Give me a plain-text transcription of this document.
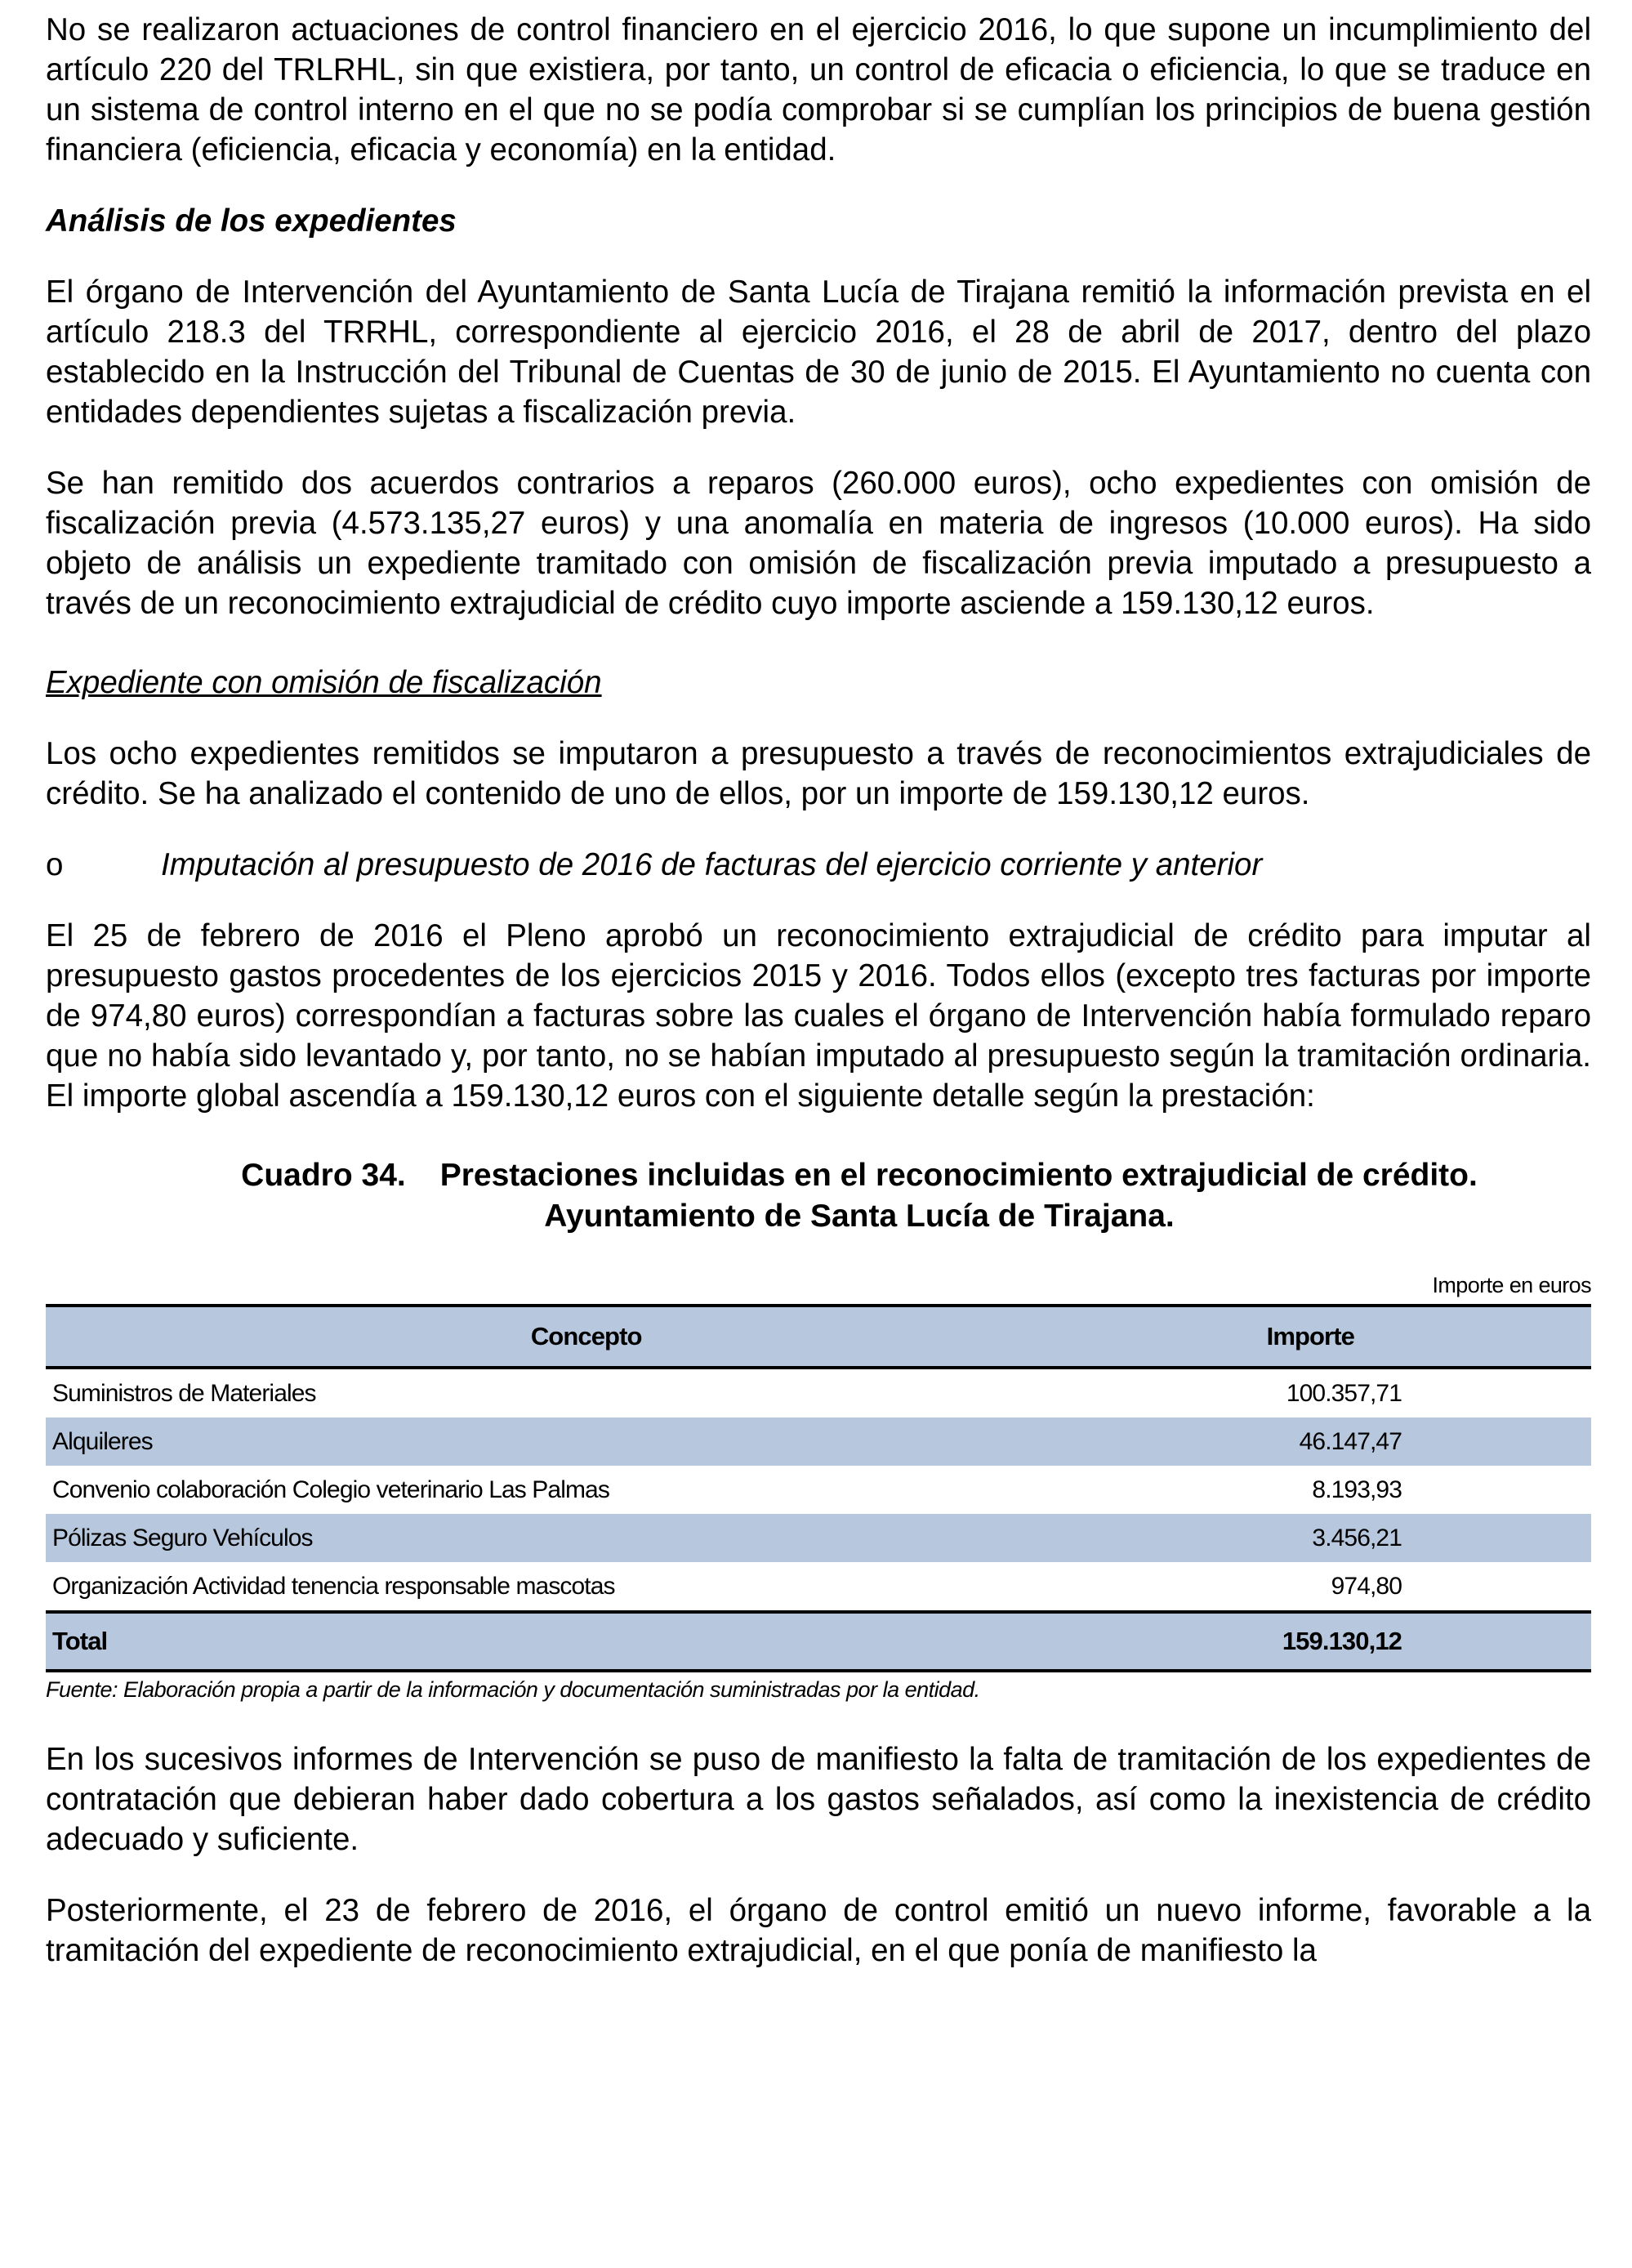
No se realizaron actuaciones de control financiero en el ejercicio 2016, lo que supone un incumplimiento del artículo 220 del TRLRHL, sin que existiera, por tanto, un control de eficacia o eficiencia, lo que se traduce en un sistema de control interno en el que no se podía comprobar si se cumplían los principios de buena gestión financiera (eficiencia, eficacia y economía) en la entidad.

Análisis de los expedientes

El órgano de Intervención del Ayuntamiento de Santa Lucía de Tirajana remitió la información prevista en el artículo 218.3 del TRRHL, correspondiente al ejercicio 2016, el 28 de abril de 2017, dentro del plazo establecido en la Instrucción del Tribunal de Cuentas de 30 de junio de 2015. El Ayuntamiento no cuenta con entidades dependientes sujetas a fiscalización previa.

Se han remitido dos acuerdos contrarios a reparos (260.000 euros), ocho expedientes con omisión de fiscalización previa (4.573.135,27 euros) y una anomalía en materia de ingresos (10.000 euros). Ha sido objeto de análisis un expediente tramitado con omisión de fiscalización previa imputado a presupuesto a través de un reconocimiento extrajudicial de crédito cuyo importe asciende a 159.130,12 euros.

Expediente con omisión de fiscalización

Los ocho expedientes remitidos se imputaron a presupuesto a través de reconocimientos extrajudiciales de crédito. Se ha analizado el contenido de uno de ellos, por un importe de 159.130,12 euros.

o	Imputación al presupuesto de 2016 de facturas del ejercicio corriente y anterior

El 25 de febrero de 2016 el Pleno aprobó un reconocimiento extrajudicial de crédito para imputar al presupuesto gastos procedentes de los ejercicios 2015 y 2016. Todos ellos (excepto tres facturas por importe de 974,80 euros) correspondían a facturas sobre las cuales el órgano de Intervención había formulado reparo que no había sido levantado y, por tanto, no se habían imputado al presupuesto según la tramitación ordinaria. El importe global ascendía a 159.130,12 euros con el siguiente detalle según la prestación:

Cuadro 34. Prestaciones incluidas en el reconocimiento extrajudicial de crédito.
Ayuntamiento de Santa Lucía de Tirajana.

Importe en euros
Concepto	Importe
Suministros de Materiales	100.357,71
Alquileres	46.147,47
Convenio colaboración Colegio veterinario Las Palmas	8.193,93
Pólizas Seguro Vehículos	3.456,21
Organización Actividad tenencia responsable mascotas	974,80
Total	159.130,12
Fuente: Elaboración propia a partir de la información y documentación suministradas por la entidad.

En los sucesivos informes de Intervención se puso de manifiesto la falta de tramitación de los expedientes de contratación que debieran haber dado cobertura a los gastos señalados, así como la inexistencia de crédito adecuado y suficiente.

Posteriormente, el 23 de febrero de 2016, el órgano de control emitió un nuevo informe, favorable a la tramitación del expediente de reconocimiento extrajudicial, en el que ponía de manifiesto la
